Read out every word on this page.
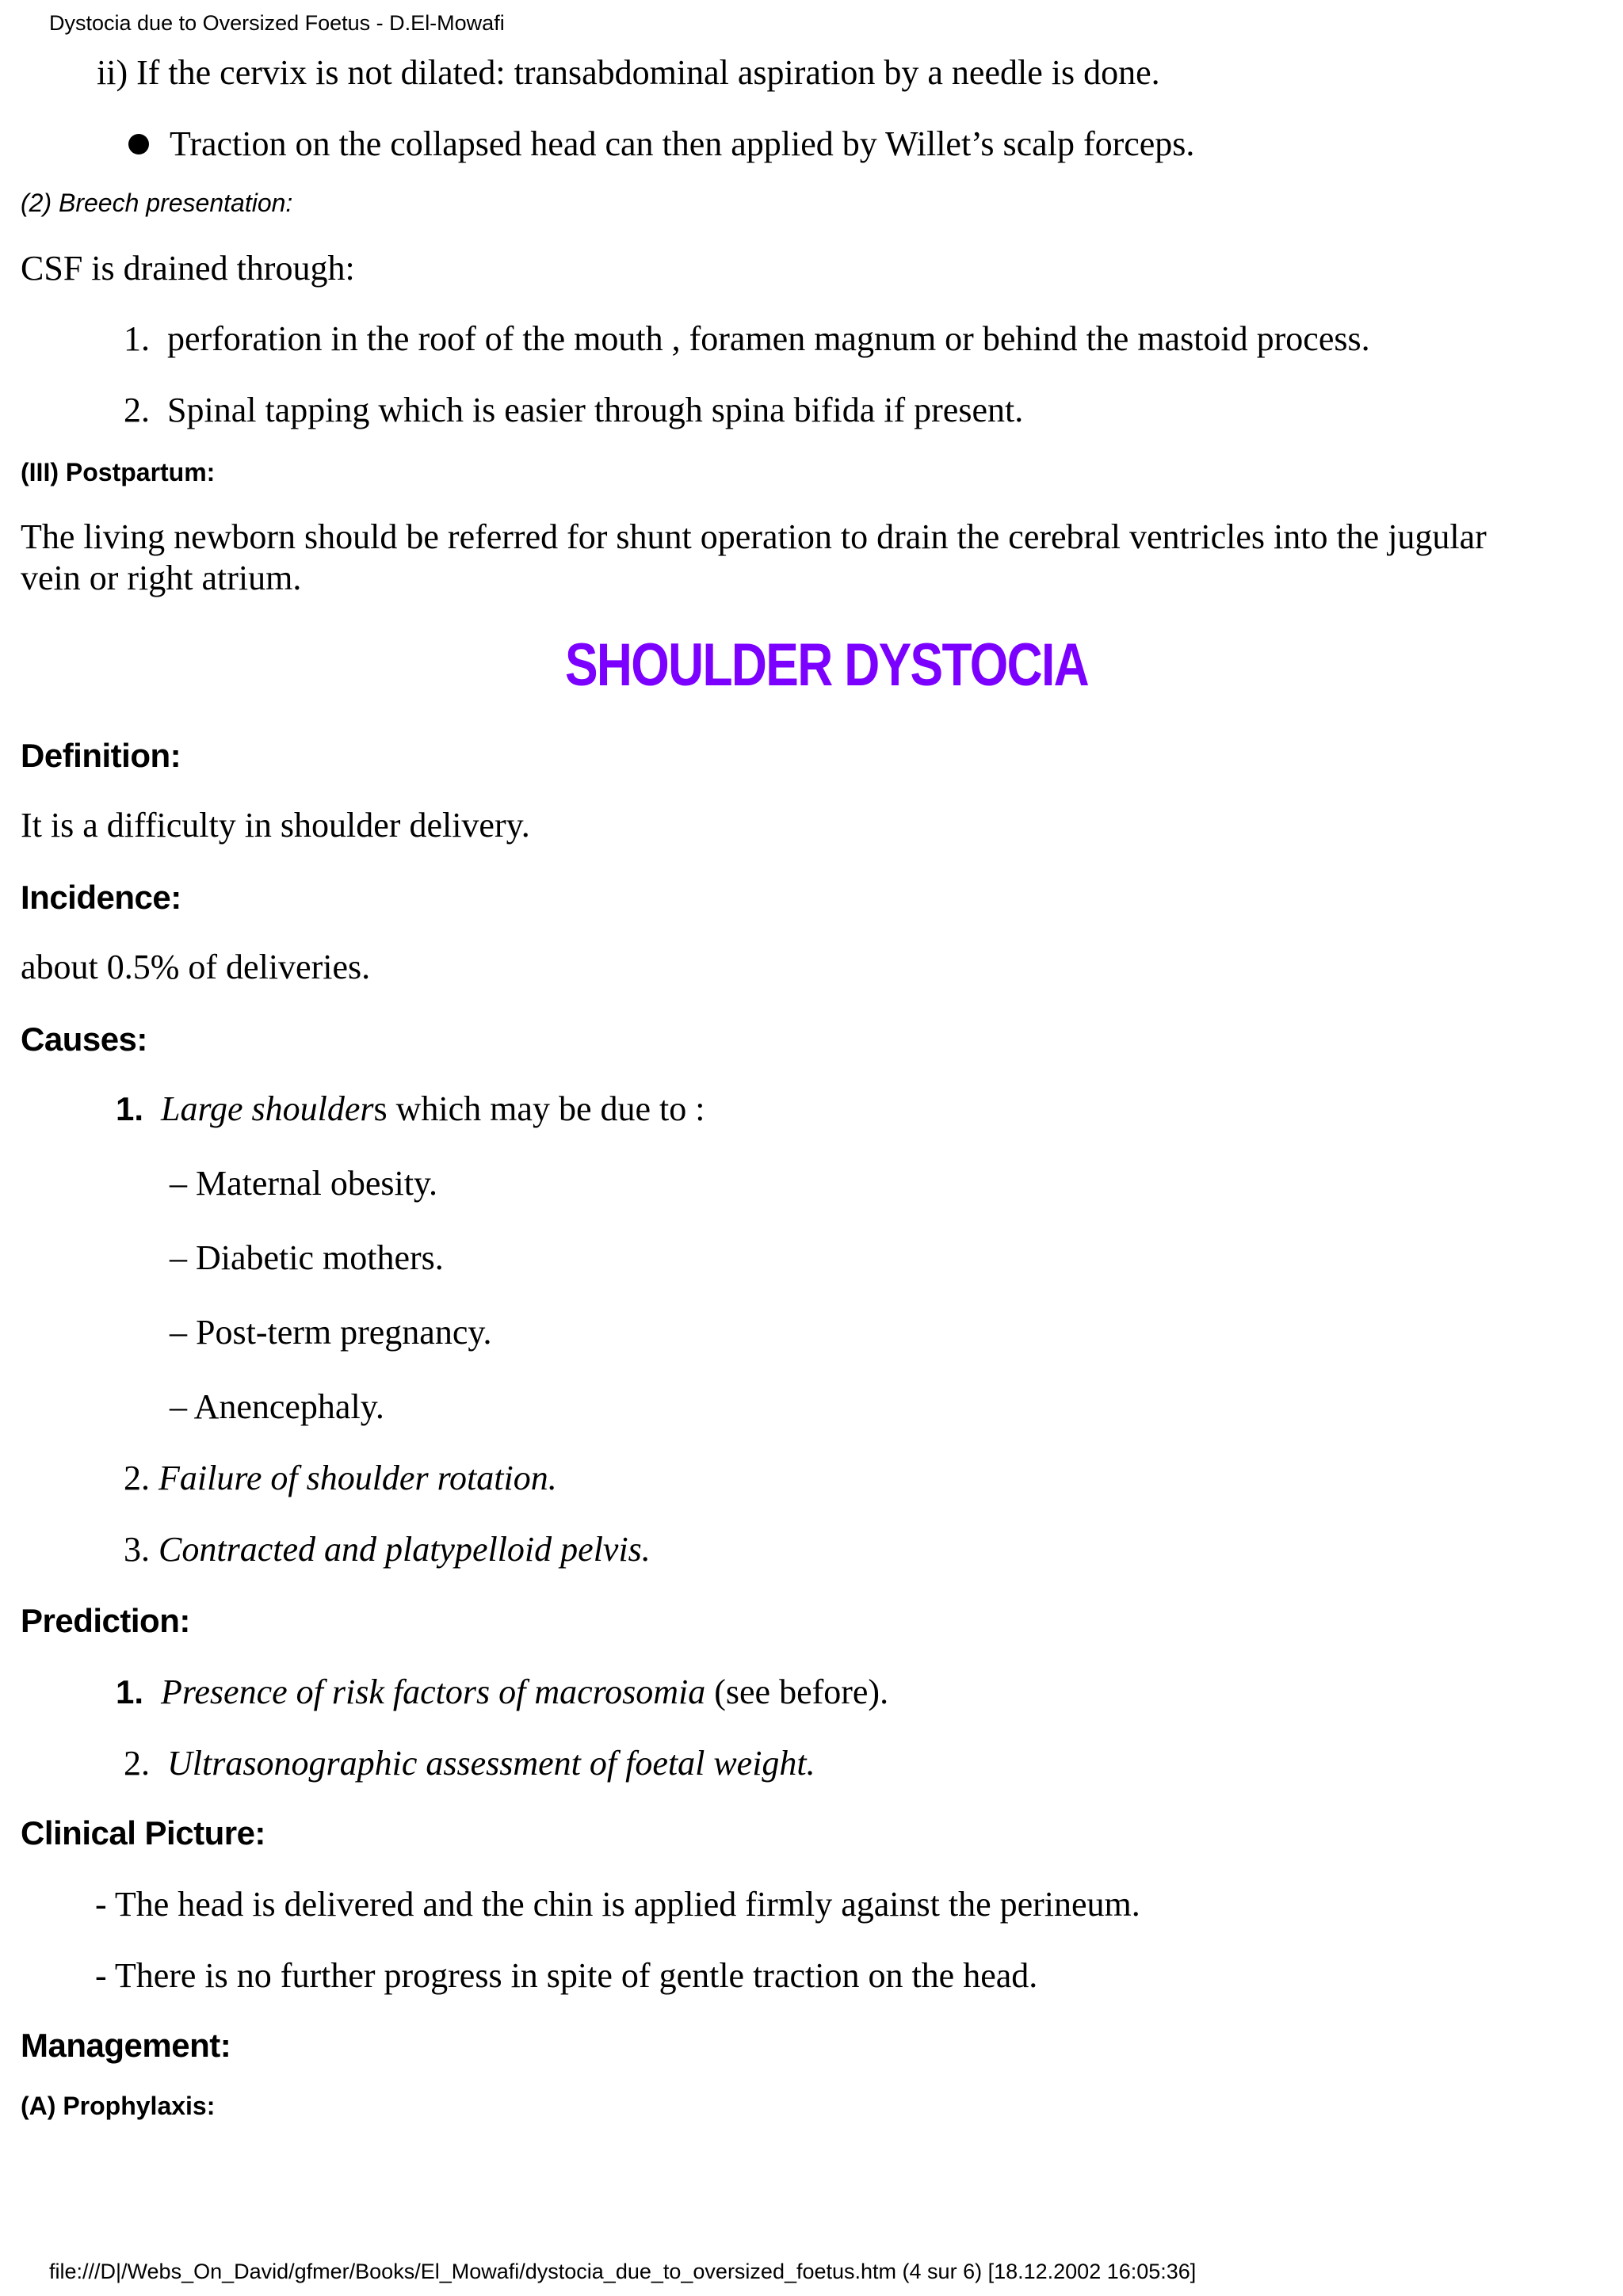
Dystocia due to Oversized Foetus - D.El-Mowafi

ii) If the cervix is not dilated: transabdominal aspiration by a needle is done.

Traction on the collapsed head can then applied by Willet’s scalp forceps.

(2) Breech presentation:

CSF is drained through:

1. perforation in the roof of the mouth , foramen magnum or behind the mastoid process.

2. Spinal tapping which is easier through spina bifida if present.

(III) Postpartum:

The living newborn should be referred for shunt operation to drain the cerebral ventricles into the jugular

vein or right atrium.

SHOULDER DYSTOCIA

Definition:

It is a difficulty in shoulder delivery.

Incidence:

about 0.5% of deliveries.

Causes:

1. Large shoulders which may be due to :

– Maternal obesity.

– Diabetic mothers.

– Post-term pregnancy.

– Anencephaly.

2. Failure of shoulder rotation.

3. Contracted and platypelloid pelvis.

Prediction:

1. Presence of risk factors of macrosomia (see before).

2. Ultrasonographic assessment of foetal weight.

Clinical Picture:

- The head is delivered and the chin is applied firmly against the perineum.

- There is no further progress in spite of gentle traction on the head.

Management:

(A) Prophylaxis:

file:///D|/Webs_On_David/gfmer/Books/El_Mowafi/dystocia_due_to_oversized_foetus.htm (4 sur 6) [18.12.2002 16:05:36]
